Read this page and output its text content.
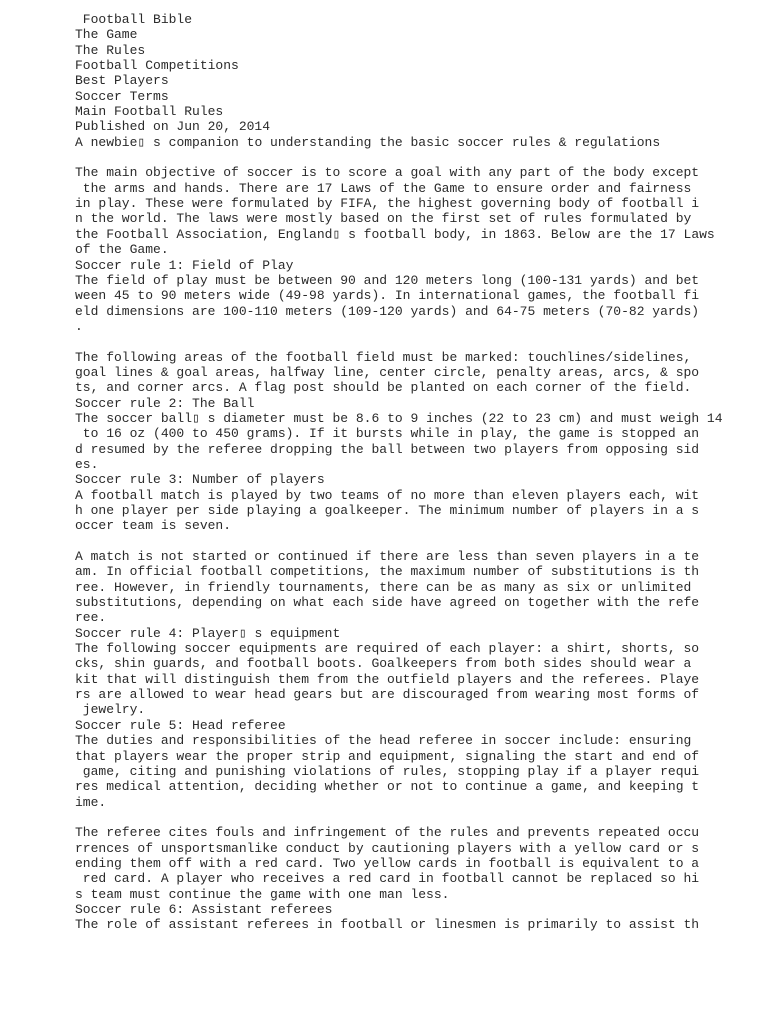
Football Bible
The Game
The Rules
Football Competitions
Best Players
Soccer Terms
Main Football Rules
Published on Jun 20, 2014
A newbie▯ s companion to understanding the basic soccer rules & regulations
The main objective of soccer is to score a goal with any part of the body except
the arms and hands. There are 17 Laws of the Game to ensure order and fairness
in play. These were formulated by FIFA, the highest governing body of football i
n the world. The laws were mostly based on the first set of rules formulated by
the Football Association, England▯ s football body, in 1863. Below are the 17 Laws
of the Game.
Soccer rule 1: Field of Play
The field of play must be between 90 and 120 meters long (100-131 yards) and bet
ween 45 to 90 meters wide (49-98 yards). In international games, the football fi
eld dimensions are 100-110 meters (109-120 yards) and 64-75 meters (70-82 yards)
.
The following areas of the football field must be marked: touchlines/sidelines,
goal lines & goal areas, halfway line, center circle, penalty areas, arcs, & spo
ts, and corner arcs. A flag post should be planted on each corner of the field.
Soccer rule 2: The Ball
The soccer ball▯ s diameter must be 8.6 to 9 inches (22 to 23 cm) and must weigh 14
to 16 oz (400 to 450 grams). If it bursts while in play, the game is stopped an
d resumed by the referee dropping the ball between two players from opposing sid
es.
Soccer rule 3: Number of players
A football match is played by two teams of no more than eleven players each, wit
h one player per side playing a goalkeeper. The minimum number of players in a s
occer team is seven.
A match is not started or continued if there are less than seven players in a te
am. In official football competitions, the maximum number of substitutions is th
ree. However, in friendly tournaments, there can be as many as six or unlimited
substitutions, depending on what each side have agreed on together with the refe
ree.
Soccer rule 4: Player▯ s equipment
The following soccer equipments are required of each player: a shirt, shorts, so
cks, shin guards, and football boots. Goalkeepers from both sides should wear a
kit that will distinguish them from the outfield players and the referees. Playe
rs are allowed to wear head gears but are discouraged from wearing most forms of
jewelry.
Soccer rule 5: Head referee
The duties and responsibilities of the head referee in soccer include: ensuring
that players wear the proper strip and equipment, signaling the start and end of
game, citing and punishing violations of rules, stopping play if a player requi
res medical attention, deciding whether or not to continue a game, and keeping t
ime.
The referee cites fouls and infringement of the rules and prevents repeated occu
rrences of unsportsmanlike conduct by cautioning players with a yellow card or s
ending them off with a red card. Two yellow cards in football is equivalent to a
red card. A player who receives a red card in football cannot be replaced so hi
s team must continue the game with one man less.
Soccer rule 6: Assistant referees
The role of assistant referees in football or linesmen is primarily to assist th
